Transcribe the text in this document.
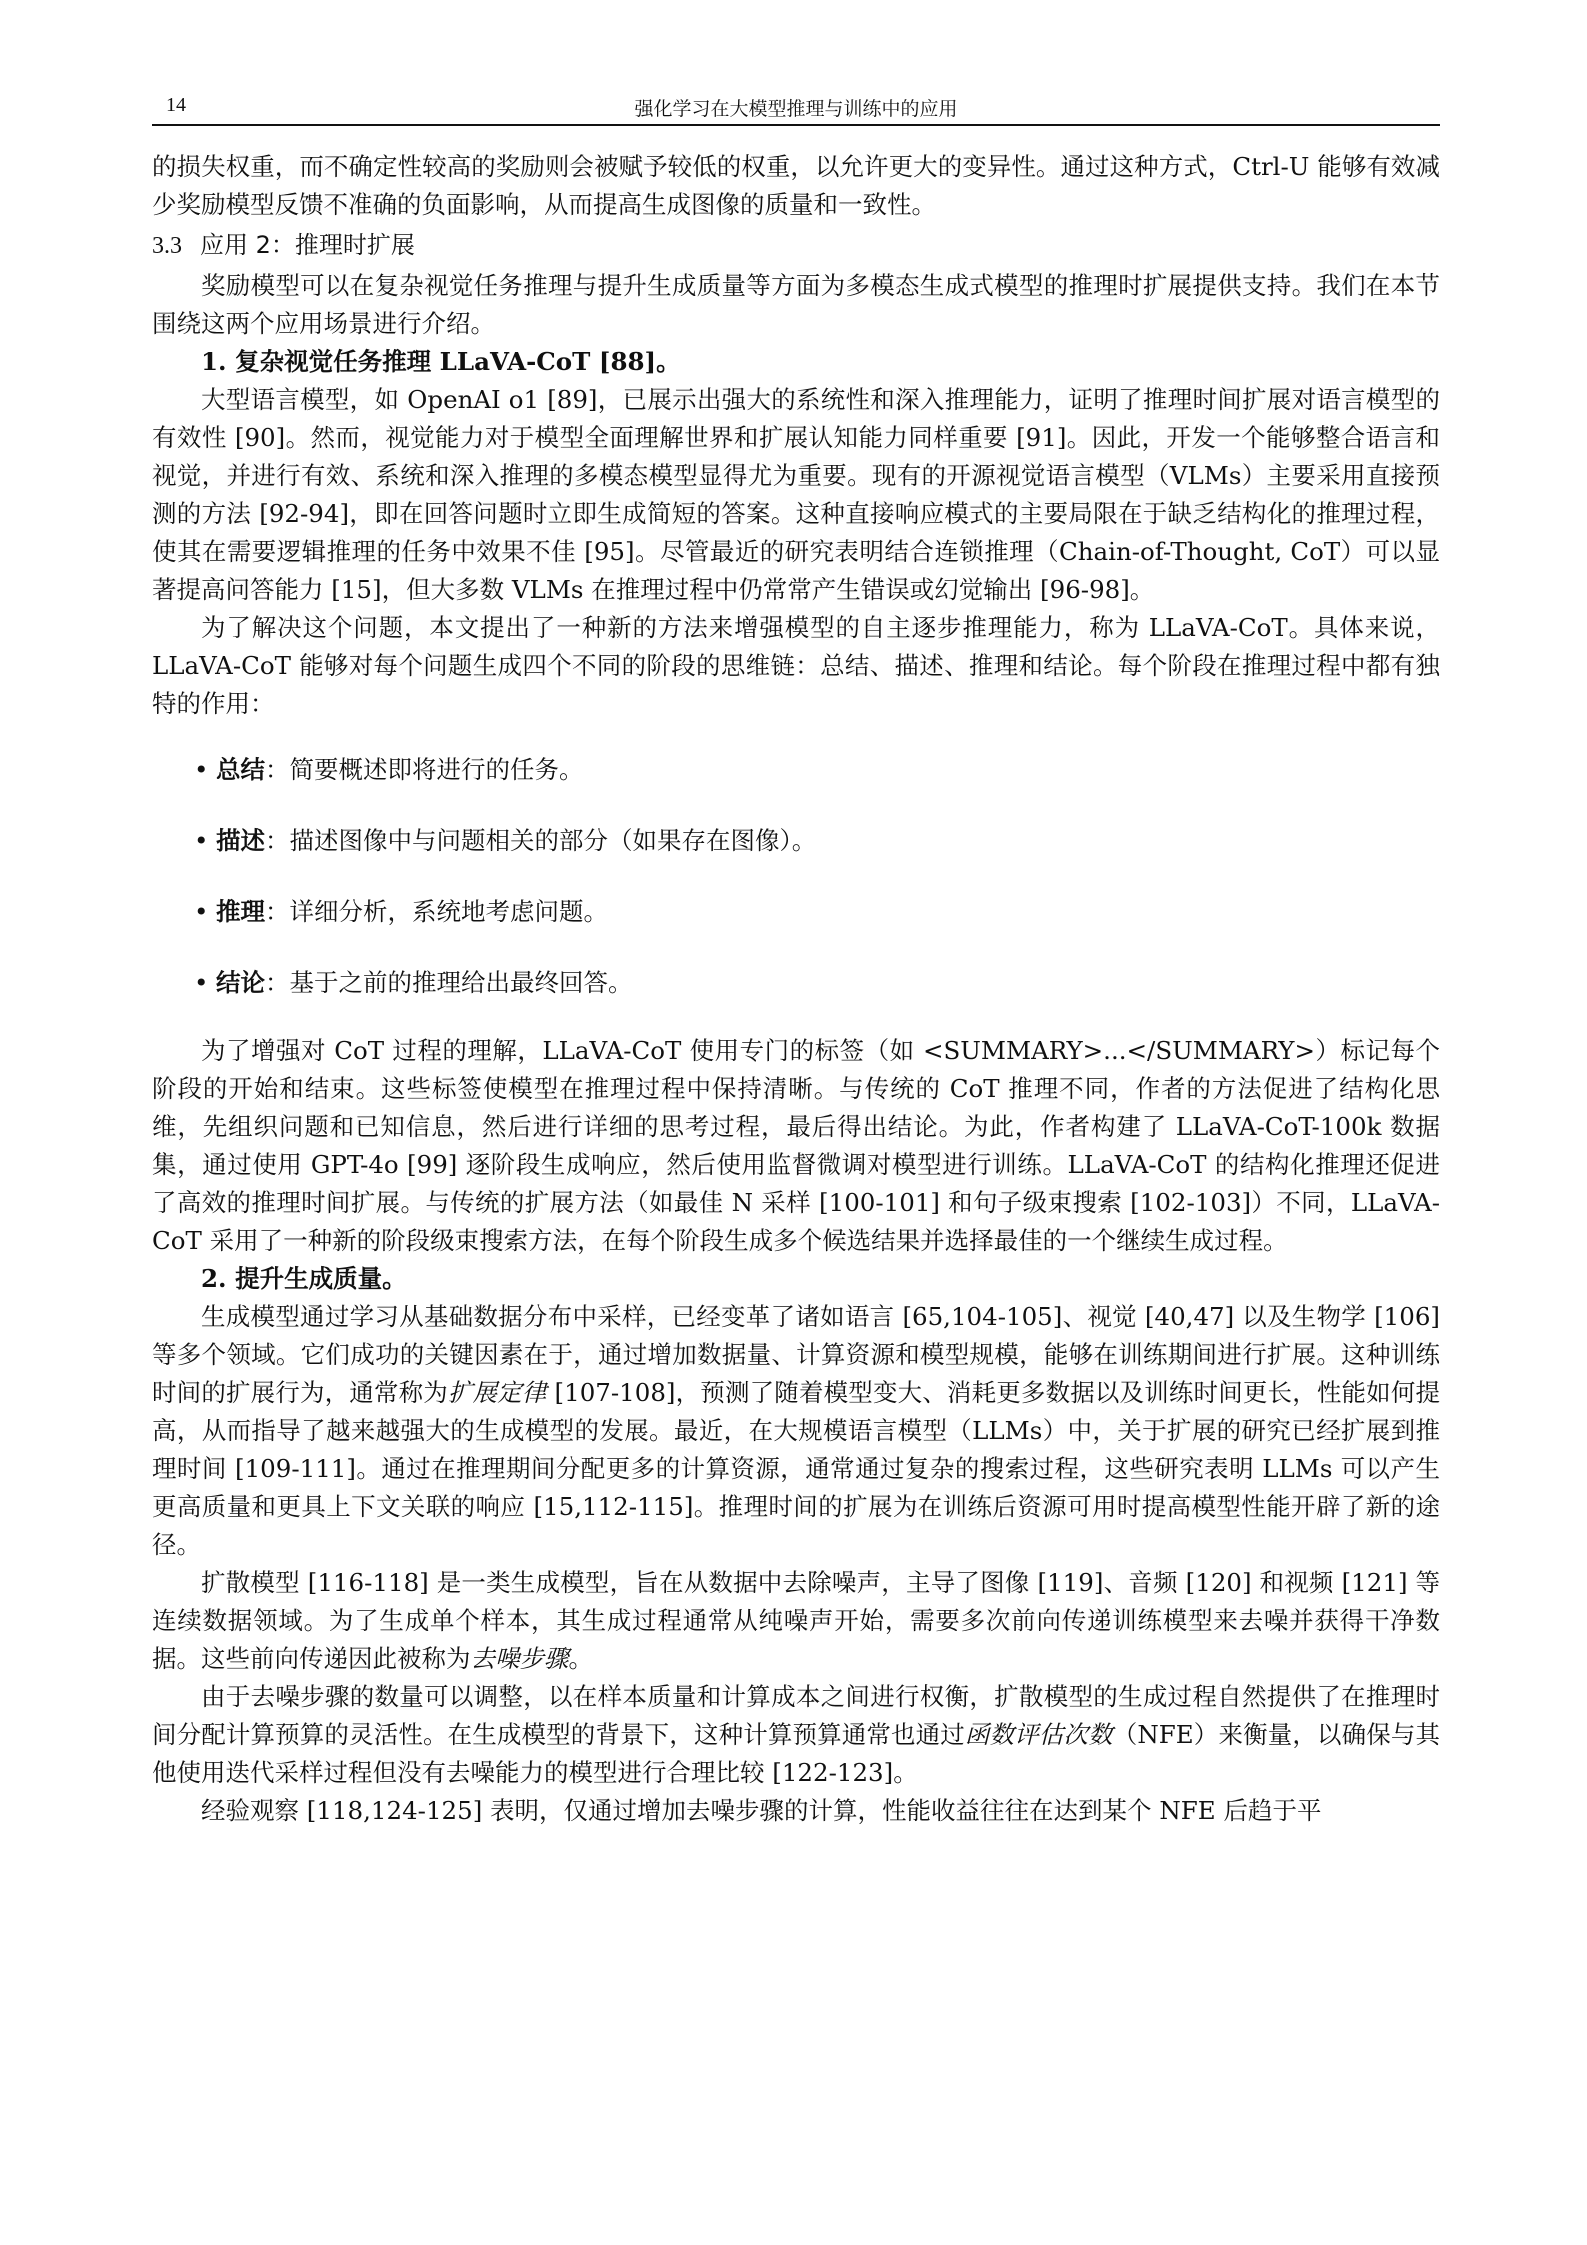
14	强化学习在大模型推理与训练中的应用

的损失权重，而不确定性较高的奖励则会被赋予较低的权重，以允许更大的变异性。通过这种方式，Ctrl-U 能够有效减少奖励模型反馈不准确的负面影响，从而提高生成图像的质量和一致性。

3.3 应用 2：推理时扩展

奖励模型可以在复杂视觉任务推理与提升生成质量等方面为多模态生成式模型的推理时扩展提供支持。我们在本节围绕这两个应用场景进行介绍。

1. 复杂视觉任务推理 LLaVA-CoT [88]。

大型语言模型，如 OpenAI o1 [89]，已展示出强大的系统性和深入推理能力，证明了推理时间扩展对语言模型的有效性 [90]。然而，视觉能力对于模型全面理解世界和扩展认知能力同样重要 [91]。因此，开发一个能够整合语言和视觉，并进行有效、系统和深入推理的多模态模型显得尤为重要。现有的开源视觉语言模型（VLMs）主要采用直接预测的方法 [92-94]，即在回答问题时立即生成简短的答案。这种直接响应模式的主要局限在于缺乏结构化的推理过程，使其在需要逻辑推理的任务中效果不佳 [95]。尽管最近的研究表明结合连锁推理（Chain-of-Thought, CoT）可以显著提高问答能力 [15]，但大多数 VLMs 在推理过程中仍常常产生错误或幻觉输出 [96-98]。

为了解决这个问题，本文提出了一种新的方法来增强模型的自主逐步推理能力，称为 LLaVA-CoT。具体来说，LLaVA-CoT 能够对每个问题生成四个不同的阶段的思维链：总结、描述、推理和结论。每个阶段在推理过程中都有独特的作用：

• 总结：简要概述即将进行的任务。
• 描述：描述图像中与问题相关的部分（如果存在图像）。
• 推理：详细分析，系统地考虑问题。
• 结论：基于之前的推理给出最终回答。

为了增强对 CoT 过程的理解，LLaVA-CoT 使用专门的标签（如 <SUMMARY>...</SUMMARY>）标记每个阶段的开始和结束。这些标签使模型在推理过程中保持清晰。与传统的 CoT 推理不同，作者的方法促进了结构化思维，先组织问题和已知信息，然后进行详细的思考过程，最后得出结论。为此，作者构建了 LLaVA-CoT-100k 数据集，通过使用 GPT-4o [99] 逐阶段生成响应，然后使用监督微调对模型进行训练。LLaVA-CoT 的结构化推理还促进了高效的推理时间扩展。与传统的扩展方法（如最佳 N 采样 [100-101] 和句子级束搜索 [102-103]）不同，LLaVA-CoT 采用了一种新的阶段级束搜索方法，在每个阶段生成多个候选结果并选择最佳的一个继续生成过程。

2. 提升生成质量。

生成模型通过学习从基础数据分布中采样，已经变革了诸如语言 [65,104-105]、视觉 [40,47] 以及生物学 [106] 等多个领域。它们成功的关键因素在于，通过增加数据量、计算资源和模型规模，能够在训练期间进行扩展。这种训练时间的扩展行为，通常称为扩展定律 [107-108]，预测了随着模型变大、消耗更多数据以及训练时间更长，性能如何提高，从而指导了越来越强大的生成模型的发展。最近，在大规模语言模型（LLMs）中，关于扩展的研究已经扩展到推理时间 [109-111]。通过在推理期间分配更多的计算资源，通常通过复杂的搜索过程，这些研究表明 LLMs 可以产生更高质量和更具上下文关联的响应 [15,112-115]。推理时间的扩展为在训练后资源可用时提高模型性能开辟了新的途径。

扩散模型 [116-118] 是一类生成模型，旨在从数据中去除噪声，主导了图像 [119]、音频 [120] 和视频 [121] 等连续数据领域。为了生成单个样本，其生成过程通常从纯噪声开始，需要多次前向传递训练模型来去噪并获得干净数据。这些前向传递因此被称为去噪步骤。

由于去噪步骤的数量可以调整，以在样本质量和计算成本之间进行权衡，扩散模型的生成过程自然提供了在推理时间分配计算预算的灵活性。在生成模型的背景下，这种计算预算通常也通过函数评估次数（NFE）来衡量，以确保与其他使用迭代采样过程但没有去噪能力的模型进行合理比较 [122-123]。

经验观察 [118,124-125] 表明，仅通过增加去噪步骤的计算，性能收益往往在达到某个 NFE 后趋于平
